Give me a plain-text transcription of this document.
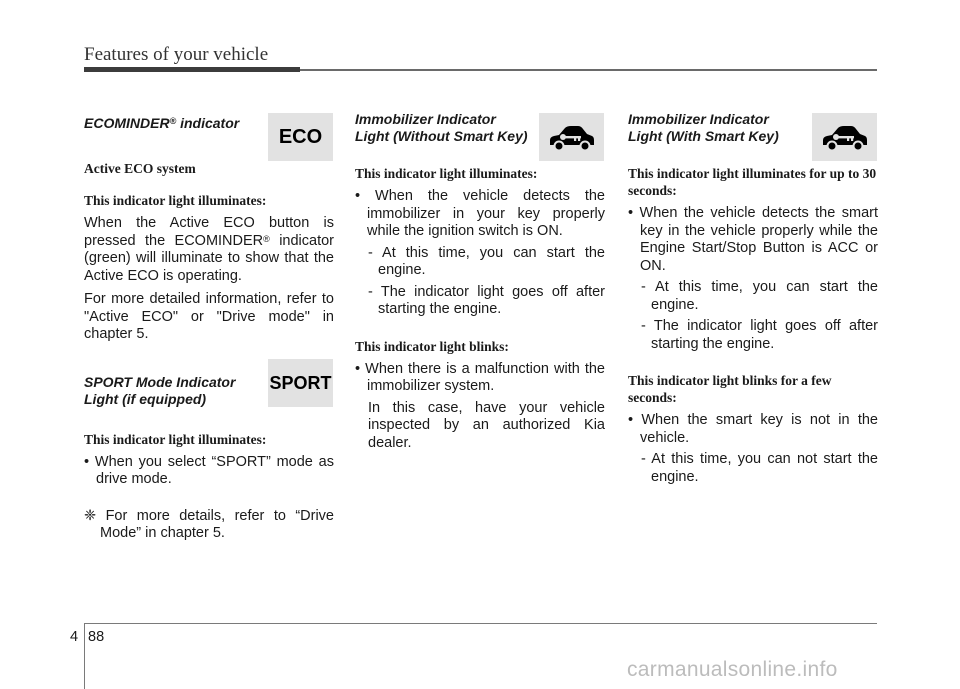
Features of your vehicle
ECOMINDER® indicator

Active ECO system

This indicator light illuminates:

When the Active ECO button is pressed the ECOMINDER® indicator (green) will illuminate to show that the Active ECO is operating.

For more detailed information, refer to "Active ECO" or "Drive mode" in chapter 5.

SPORT Mode Indicator
Light (if equipped)

This indicator light illuminates:

• When you select “SPORT” mode as drive mode.

❈ For more details, refer to “Drive Mode” in chapter 5.

ECO
SPORT
Immobilizer Indicator
Light (Without Smart Key)

This indicator light illuminates:

• When the vehicle detects the immobilizer in your key properly while the ignition switch is ON.

- At this time, you can start the engine.

- The indicator light goes off after starting the engine.

This indicator light blinks:

• When there is a malfunction with the immobilizer system.

In this case, have your vehicle inspected by an authorized Kia dealer.

Immobilizer Indicator
Light (With Smart Key)

This indicator light illuminates for up to 30 seconds:

• When the vehicle detects the smart key in the vehicle properly while the Engine Start/Stop Button is ACC or ON.

- At this time, you can start the engine.

- The indicator light goes off after starting the engine.

This indicator light blinks for a few seconds:

• When the smart key is not in the vehicle.

- At this time, you can not start the engine.

4 88
carmanualsonline.info
